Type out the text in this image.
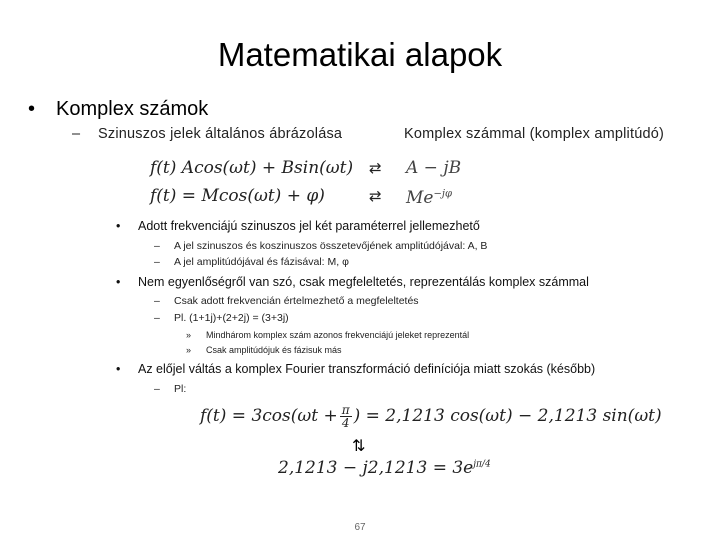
Matematikai alapok
• Komplex számok
– Szinuszos jelek általános ábrázolása	Komplex számmal (komplex amplitúdó)
f(t) Acos(ωt) + Bsin(ωt) ⇄ A − jB
f(t) = Mcos(ωt) + φ)	⇄ $Me^{-j\varphi}$
• Adott frekvenciájú szinuszos jel két paraméterrel jellemezhető
– A jel szinuszos és koszinuszos összetevőjének amplitúdójával: A, B
– A jel amplitúdójával és fázisával: M, φ
• Nem egyenlőségről van szó, csak megfeleltetés, reprezentálás komplex számmal
– Csak adott frekvencián értelmezhető a megfeleltetés
– Pl. (1+1j)+(2+2j) = (3+3j)
» Mindhárom komplex szám azonos frekvenciájú jeleket reprezentál
» Csak amplitúdójuk és fázisuk más
• Az előjel váltás a komplex Fourier transzformáció definíciója miatt szokás (később)
– Pl:
$f(t) = 3\cos(\omega t + \frac{\pi}{4}$ ) = 2,1213 cos(ωt) − 2,1213 sin(ωt)
⇅
$2,1213 - j2,1213 = 3e^{j\pi/4}$
67
